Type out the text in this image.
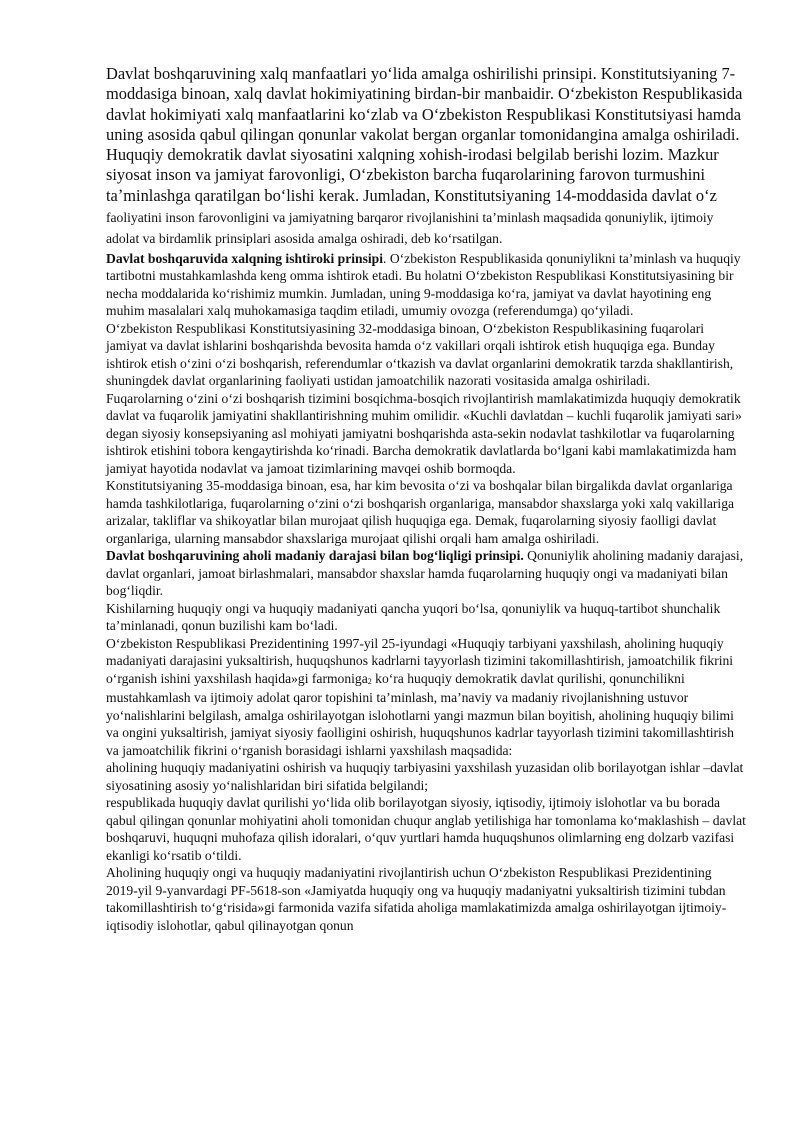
Davlat boshqaruvining xalq manfaatlari yoʻlida amalga oshirilishi prinsipi. Konstitutsiyaning 7-moddasiga binoan, xalq davlat hokimiyatining birdan-bir manbaidir. Oʻzbekiston Respublikasida davlat hokimiyati xalq manfaatlarini koʻzlab va Oʻzbekiston Respublikasi Konstitutsiyasi hamda uning asosida qabul qilingan qonunlar vakolat bergan organlar tomonidangina amalga oshiriladi.

Huquqiy demokratik davlat siyosatini xalqning xohish-irodasi belgilab berishi lozim. Mazkur siyosat inson va jamiyat farovonligi, Oʻzbekiston barcha fuqarolarining farovon turmushini taʼminlashga qaratilgan boʻlishi kerak. Jumladan, Konstitutsiyaning 14-moddasida davlat oʻz faoliyatini inson farovonligini va jamiyatning barqaror rivojlanishini taʼminlash maqsadida qonuniylik, ijtimoiy adolat va birdamlik prinsiplari asosida amalga oshiradi, deb koʻrsatilgan.

Davlat boshqaruvida xalqning ishtiroki prinsipi. Oʻzbekiston Respublikasida qonuniylikni taʼminlash va huquqiy tartibotni mustahkamlashda keng omma ishtirok etadi. Bu holatni Oʻzbekiston Respublikasi Konstitutsiyasining bir necha moddalarida koʻrishimiz mumkin. Jumladan, uning 9-moddasiga koʻra, jamiyat va davlat hayotining eng muhim masalalari xalq muhokamasiga taqdim etiladi, umumiy ovozga (referendumga) qoʻyiladi.

Oʻzbekiston Respublikasi Konstitutsiyasining 32-moddasiga binoan, Oʻzbekiston Respublikasining fuqarolari jamiyat va davlat ishlarini boshqarishda bevosita hamda oʻz vakillari orqali ishtirok etish huquqiga ega. Bunday ishtirok etish oʻzini oʻzi boshqarish, referendumlar oʻtkazish va davlat organlarini demokratik tarzda shakllantirish, shuningdek davlat organlarining faoliyati ustidan jamoatchilik nazorati vositasida amalga oshiriladi.

Fuqarolarning oʻzini oʻzi boshqarish tizimini bosqichma-bosqich rivojlantirish mamlakatimizda huquqiy demokratik davlat va fuqarolik jamiyatini shakllantirishning muhim omilidir. «Kuchli davlatdan – kuchli fuqarolik jamiyati sari» degan siyosiy konsepsiyaning asl mohiyati jamiyatni boshqarishda asta-sekin nodavlat tashkilotlar va fuqarolarning ishtirok etishini tobora kengaytirishda koʻrinadi. Barcha demokratik davlatlarda boʻlgani kabi mamlakatimizda ham jamiyat hayotida nodavlat va jamoat tizimlarining mavqei oshib bormoqda.

Konstitutsiyaning 35-moddasiga binoan, esa, har kim bevosita oʻzi va boshqalar bilan birgalikda davlat organlariga hamda tashkilotlariga, fuqarolarning oʻzini oʻzi boshqarish organlariga, mansabdor shaxslarga yoki xalq vakillariga arizalar, takliflar va shikoyatlar bilan murojaat qilish huquqiga ega. Demak, fuqarolarning siyosiy faolligi davlat organlariga, ularning mansabdor shaxslariga murojaat qilishi orqali ham amalga oshiriladi.

Davlat boshqaruvining aholi madaniy darajasi bilan bogʻliqligi prinsipi. Qonuniylik aholining madaniy darajasi, davlat organlari, jamoat birlashmalari, mansabdor shaxslar hamda fuqarolarning huquqiy ongi va madaniyati bilan bogʻliqdir.

Kishilarning huquqiy ongi va huquqiy madaniyati qancha yuqori boʻlsa, qonuniylik va huquq-tartibot shunchalik taʼminlanadi, qonun buzilishi kam boʻladi.

Oʻzbekiston Respublikasi Prezidentining 1997-yil 25-iyundagi «Huquqiy tarbiyani yaxshilash, aholining huquqiy madaniyati darajasini yuksaltirish, huquqshunos kadrlarni tayyorlash tizimini takomillashtirish, jamoatchilik fikrini oʻrganish ishini yaxshilash haqida»gi farmoniga2 koʻra huquqiy demokratik davlat qurilishi, qonunchilikni mustahkamlash va ijtimoiy adolat qaror topishini taʼminlash, maʼnaviy va madaniy rivojlanishning ustuvor yoʻnalishlarini belgilash, amalga oshirilayotgan islohotlarni yangi mazmun bilan boyitish, aholining huquqiy bilimi va ongini yuksaltirish, jamiyat siyosiy faolligini oshirish, huquqshunos kadrlar tayyorlash tizimini takomillashtirish va jamoatchilik fikrini oʻrganish borasidagi ishlarni yaxshilash maqsadida:

aholining huquqiy madaniyatini oshirish va huquqiy tarbiyasini yaxshilash yuzasidan olib borilayotgan ishlar –davlat siyosatining asosiy yoʻnalishlaridan biri sifatida belgilandi;

respublikada huquqiy davlat qurilishi yoʻlida olib borilayotgan siyosiy, iqtisodiy, ijtimoiy islohotlar va bu borada qabul qilingan qonunlar mohiyatini aholi tomonidan chuqur anglab yetilishiga har tomonlama koʻmaklashish – davlat boshqaruvi, huquqni muhofaza qilish idoralari, oʻquv yurtlari hamda huquqshunos olimlarning eng dolzarb vazifasi ekanligi koʻrsatib oʻtildi.

Aholining huquqiy ongi va huquqiy madaniyatini rivojlantirish uchun Oʻzbekiston Respublikasi Prezidentining 2019-yil 9-yanvardagi PF-5618-son «Jamiyatda huquqiy ong va huquqiy madaniyatni yuksaltirish tizimini tubdan takomillashtirish toʻgʻrisida»gi farmonida vazifa sifatida aholiga mamlakatimizda amalga oshirilayotgan ijtimoiy-iqtisodiy islohotlar, qabul qilinayotgan qonun
